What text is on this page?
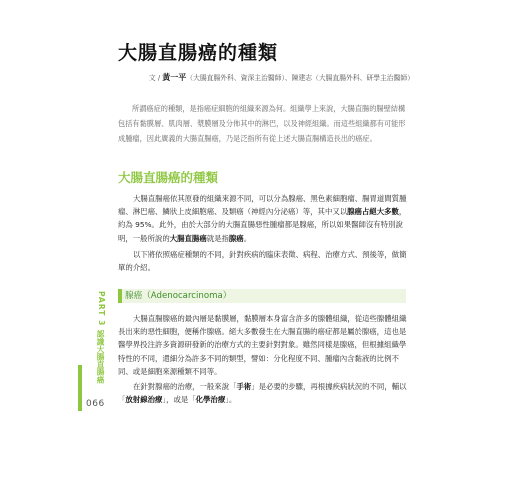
大腸直腸癌的種類
文 / 黃一平（大腸直腸外科、資深主治醫師）、陳建志（大腸直腸外科、研學主治醫師）

所謂癌症的種類，是指癌症細胞的組織來源為何。組織學上來說，大腸直腸的腸壁結構包括有黏膜層、肌肉層、漿膜層及分佈其中的淋巴，以及神經組織。而這些組織都有可能形成腫瘤，因此廣義的大腸直腸癌，乃是泛指所有從上述大腸直腸構造長出的癌症。

大腸直腸癌的種類

大腸直腸癌依其原發的組織來源不同，可以分為腺癌、黑色素細胞瘤、腸胃道間質腫瘤、淋巴癌、鱗狀上皮細胞癌、及類癌（神經內分泌癌）等，其中又以腺癌占絕大多數，約為 95%。此外，由於大部分的大腸直腸惡性腫瘤都是腺癌，所以如果醫師沒有特別說明，一般所說的大腸直腸癌就是指腺癌。

以下將依照癌症種類的不同，針對疾病的臨床表徵、病程、治療方式、預後等，做簡單的介紹。

腺癌（Adenocarcinoma）

大腸直腸腺癌的最內層是黏膜層，黏膜層本身富含許多的腺體組織，從這些腺體組織長出來的惡性細胞，便稱作腺癌。絕大多數發生在大腸直腸的癌症都是屬於腺癌，這也是醫學界投注許多資源研發新的治療方式的主要針對對象。雖然同樣是腺癌，但根據組織學特性的不同，還細分為許多不同的類型，譬如：分化程度不同、腫瘤內含黏液的比例不同、或是細胞來源種類不同等。

在針對腺癌的治療，一般來說「手術」是必要的步驟，再根據疾病狀況的不同，輔以「放射線治療」，或是「化學治療」。

PART 3
認識大腸直腸癌
066
